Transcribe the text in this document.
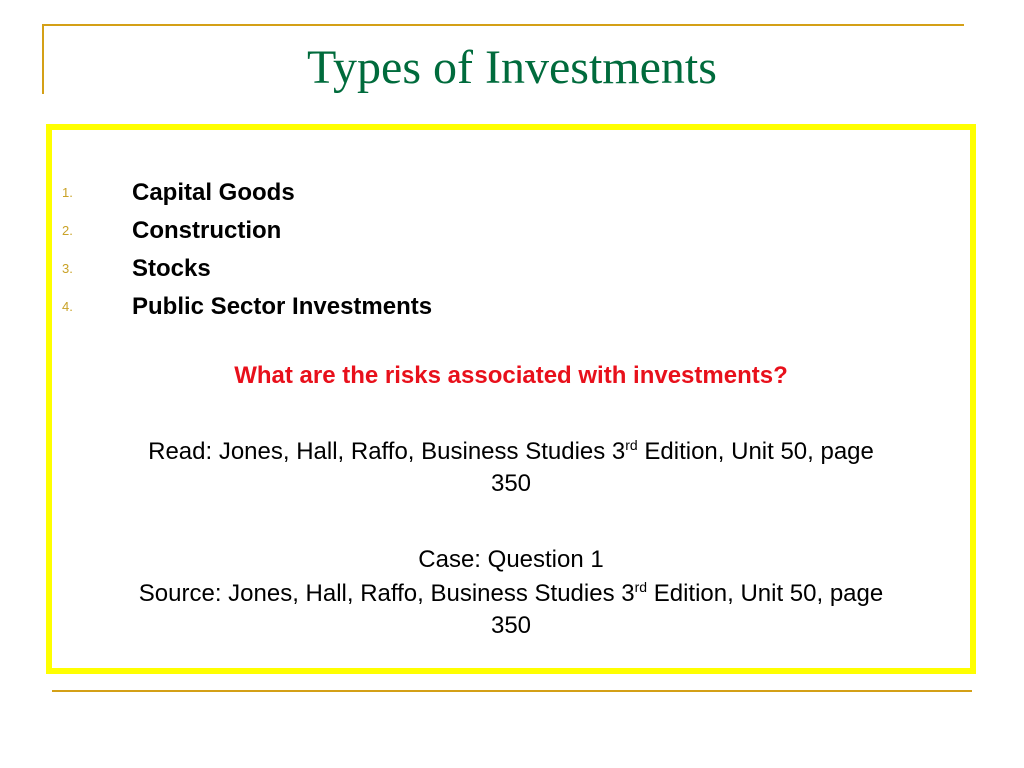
Types of Investments
1. Capital Goods
2. Construction
3. Stocks
4. Public Sector Investments
What are the risks associated with investments?
Read: Jones, Hall, Raffo, Business Studies 3rd Edition, Unit 50, page
350
Case: Question 1
Source: Jones, Hall, Raffo, Business Studies 3rd Edition, Unit 50, page
350
